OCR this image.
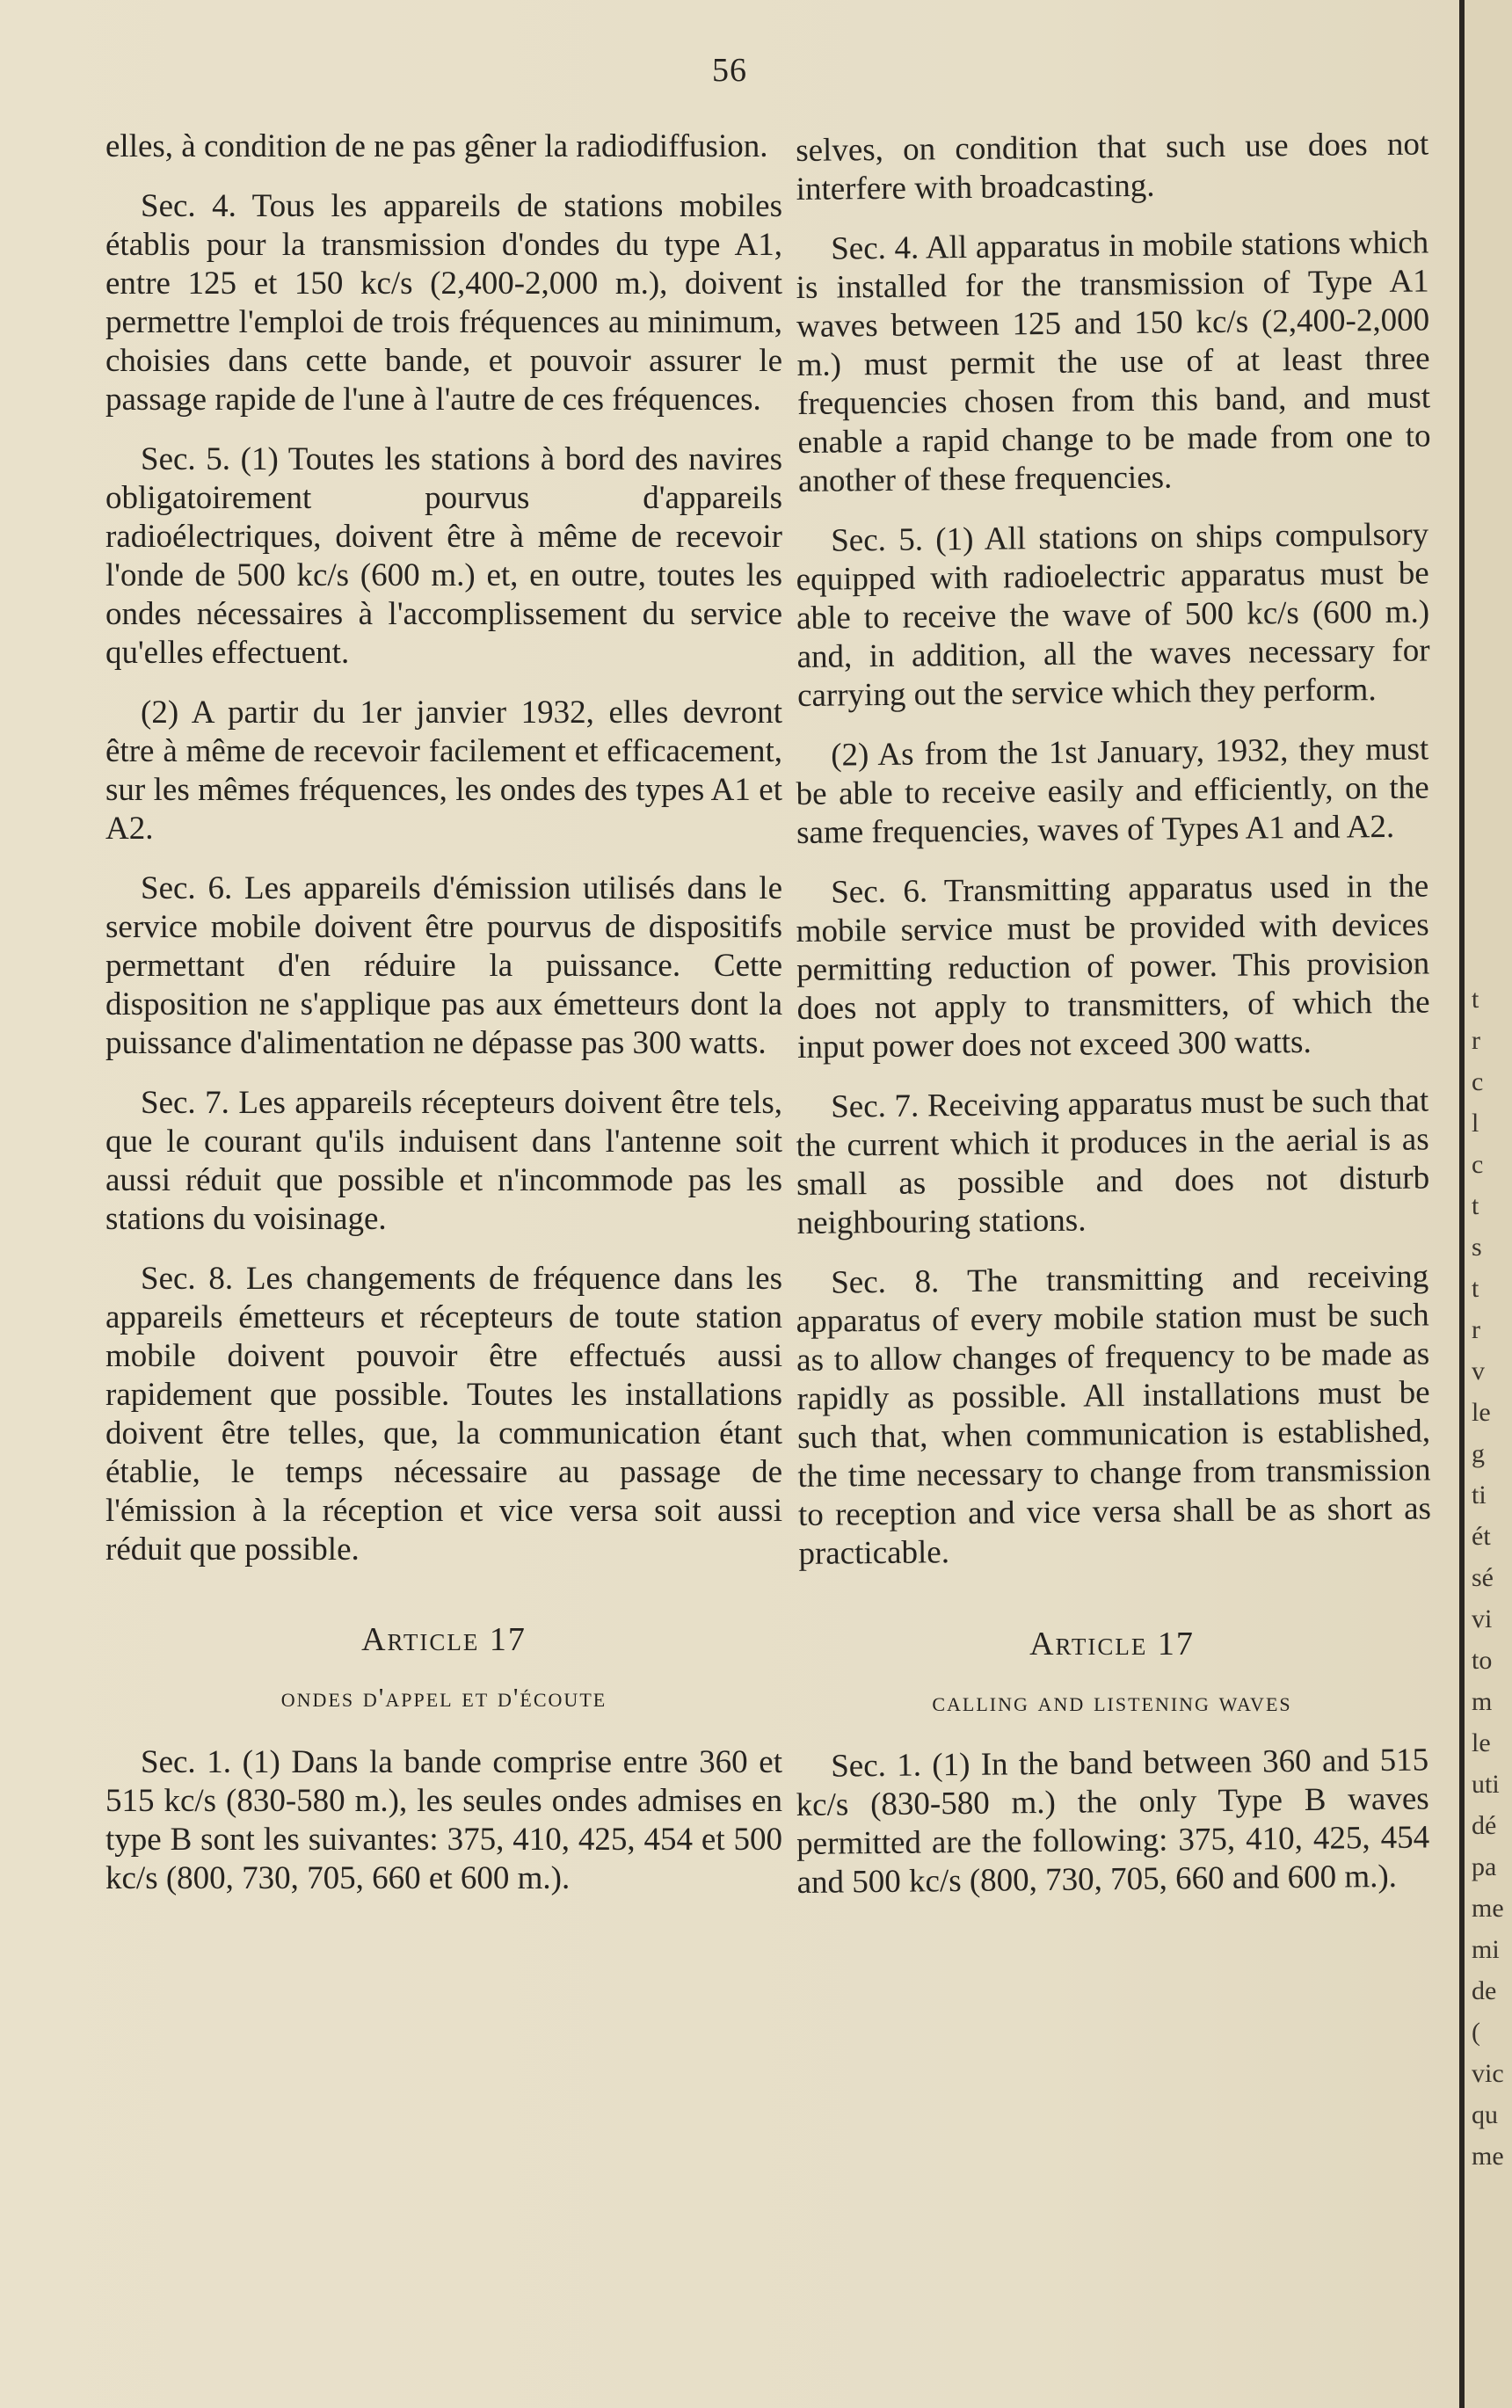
56

elles, à condition de ne pas gêner la radiodiffusion.

Sec. 4. Tous les appareils de stations mobiles établis pour la transmission d'ondes du type A1, entre 125 et 150 kc/s (2,400-2,000 m.), doivent permettre l'emploi de trois fréquences au minimum, choisies dans cette bande, et pouvoir assurer le passage rapide de l'une à l'autre de ces fréquences.

Sec. 5. (1) Toutes les stations à bord des navires obligatoirement pourvus d'appareils radioélectriques, doivent être à même de recevoir l'onde de 500 kc/s (600 m.) et, en outre, toutes les ondes nécessaires à l'accomplissement du service qu'elles effectuent.

(2) A partir du 1er janvier 1932, elles devront être à même de recevoir facilement et efficacement, sur les mêmes fréquences, les ondes des types A1 et A2.

Sec. 6. Les appareils d'émission utilisés dans le service mobile doivent être pourvus de dispositifs permettant d'en réduire la puissance. Cette disposition ne s'applique pas aux émetteurs dont la puissance d'alimentation ne dépasse pas 300 watts.

Sec. 7. Les appareils récepteurs doivent être tels, que le courant qu'ils induisent dans l'antenne soit aussi réduit que possible et n'incommode pas les stations du voisinage.

Sec. 8. Les changements de fréquence dans les appareils émetteurs et récepteurs de toute station mobile doivent pouvoir être effectués aussi rapidement que possible. Toutes les installations doivent être telles, que, la communication étant établie, le temps nécessaire au passage de l'émission à la réception et vice versa soit aussi réduit que possible.

Article 17
ondes d'appel et d'écoute

Sec. 1. (1) Dans la bande comprise entre 360 et 515 kc/s (830-580 m.), les seules ondes admises en type B sont les suivantes: 375, 410, 425, 454 et 500 kc/s (800, 730, 705, 660 et 600 m.).

selves, on condition that such use does not interfere with broadcasting.

Sec. 4. All apparatus in mobile stations which is installed for the transmission of Type A1 waves between 125 and 150 kc/s (2,400-2,000 m.) must permit the use of at least three frequencies chosen from this band, and must enable a rapid change to be made from one to another of these frequencies.

Sec. 5. (1) All stations on ships compulsory equipped with radioelectric apparatus must be able to receive the wave of 500 kc/s (600 m.) and, in addition, all the waves necessary for carrying out the service which they perform.

(2) As from the 1st January, 1932, they must be able to receive easily and efficiently, on the same frequencies, waves of Types A1 and A2.

Sec. 6. Transmitting apparatus used in the mobile service must be provided with devices permitting reduction of power. This provision does not apply to transmitters, of which the input power does not exceed 300 watts.

Sec. 7. Receiving apparatus must be such that the current which it produces in the aerial is as small as possible and does not disturb neighbouring stations.

Sec. 8. The transmitting and receiving apparatus of every mobile station must be such as to allow changes of frequency to be made as rapidly as possible. All installations must be such that, when communication is established, the time necessary to change from transmission to reception and vice versa shall be as short as practicable.

Article 17
calling and listening waves

Sec. 1. (1) In the band between 360 and 515 kc/s (830-580 m.) the only Type B waves permitted are the following: 375, 410, 425, 454 and 500 kc/s (800, 730, 705, 660 and 600 m.).

t
r
c
l
c
t
s
t
r
v
le
g
ti
ét
sé
vi
to
m
le
uti
dé
pa
me
mi
de
(
vic
qu
me
